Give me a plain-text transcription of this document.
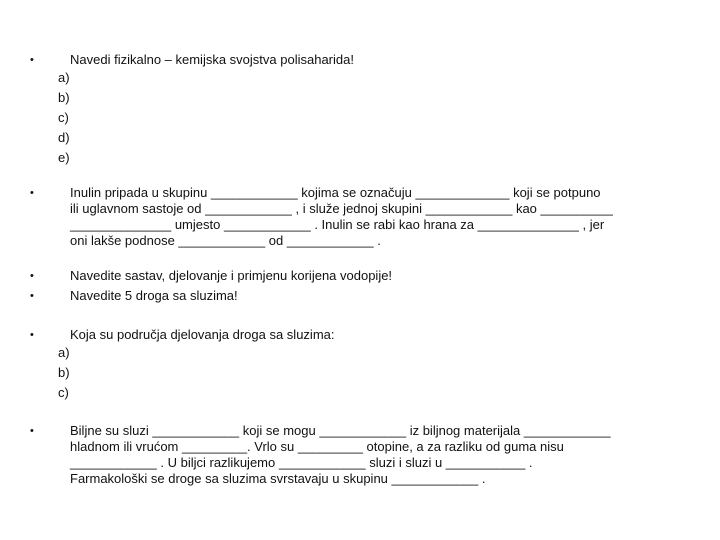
•	Navedi fizikalno – kemijska svojstva polisaharida!
a)
b)
c)
d)
e)
•	Inulin pripada u skupinu ____________ kojima se označuju _____________ koji se potpuno
ili uglavnom sastoje od ____________ , i služe jednoj skupini ____________ kao __________
______________ umjesto ____________ . Inulin se rabi kao hrana za ______________ , jer
oni lakše podnose ____________ od ____________ .
•	Navedite sastav, djelovanje i primjenu korijena vodopije!
•	Navedite 5 droga sa sluzima!
•	Koja su područja djelovanja droga sa sluzima:
a)
b)
c)
•	Biljne su sluzi ____________ koji se mogu ____________ iz biljnog materijala ____________
hladnom ili vrućom _________. Vrlo su _________ otopine, a za razliku od guma nisu
____________ . U biljci razlikujemo ____________ sluzi i sluzi u ___________ .
Farmakološki se droge sa sluzima svrstavaju u skupinu ____________ .
